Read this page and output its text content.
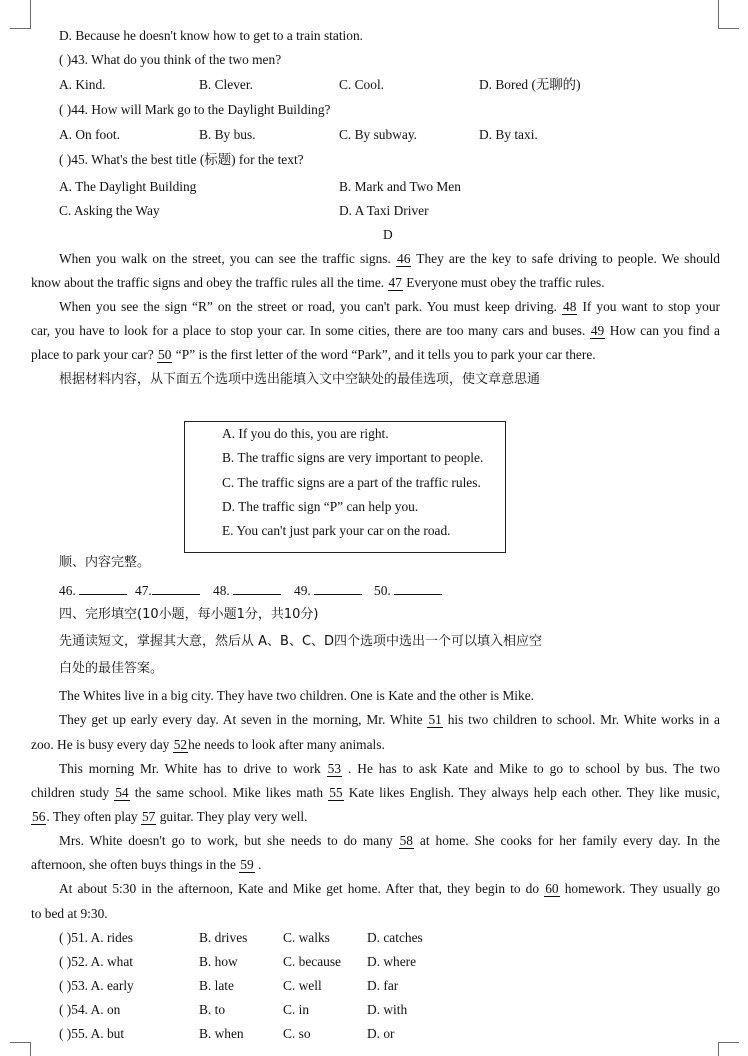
D. Because he doesn't know how to get to a train station.
( )43. What do you think of the two men?
A. Kind.	B. Clever.	C. Cool.	D. Bored (无聊的)
( )44. How will Mark go to the Daylight Building?
A. On foot.	B. By bus.	C. By subway.	D. By taxi.
( )45. What's the best title (标题) for the text?
A. The Daylight Building	B. Mark and Two Men
C. Asking the Way	D. A Taxi Driver
D
When you walk on the street, you can see the traffic signs. 46 They are the key to safe driving to people. We should
know about the traffic signs and obey the traffic rules all the time. 47 Everyone must obey the traffic rules.
When you see the sign “R” on the street or road, you can't park. You must keep driving. 48 If you want to stop your
car, you have to look for a place to stop your car. In some cities, there are too many cars and buses. 49 How can you find a
place to park your car? 50 “P” is the first letter of the word “Park”, and it tells you to park your car there.
根据材料内容，从下面五个选项中选出能填入文中空缺处的最佳选项，使文章意思通
A. If you do this, you are right.
B. The traffic signs are very important to people.
C. The traffic signs are a part of the traffic rules.
D. The traffic sign “P” can help you.
E. You can't just park your car on the road.
顺、内容完整。
46.	47.	48.	49.	50.
四、完形填空(10小题，每小题1分，共10分)
先通读短文，掌握其大意，然后从 A、B、C、D四个选项中选出一个可以填入相应空
白处的最佳答案。
The Whites live in a big city. They have two children. One is Kate and the other is Mike.
They get up early every day. At seven in the morning, Mr. White 51 his two children to school. Mr. White works in a
zoo. He is busy every day 52he needs to look after many animals.
This morning Mr. White has to drive to work 53 . He has to ask Kate and Mike to go to school by bus. The two
children study 54 the same school. Mike likes math 55 Kate likes English. They always help each other. They like music,
56. They often play 57 guitar. They play very well.
Mrs. White doesn't go to work, but she needs to do many 58 at home. She cooks for her family every day. In the
afternoon, she often buys things in the 59 .
At about 5:30 in the afternoon, Kate and Mike get home. After that, they begin to do 60 homework. They usually go
to bed at 9:30.
( )51. A. rides	B. drives	C. walks	D. catches
( )52. A. what	B. how	C. because D. where
( )53. A. early	B. late	C. well	D. far
( )54. A. on	B. to	C. in	D. with
( )55. A. but	B. when	C. so	D. or
